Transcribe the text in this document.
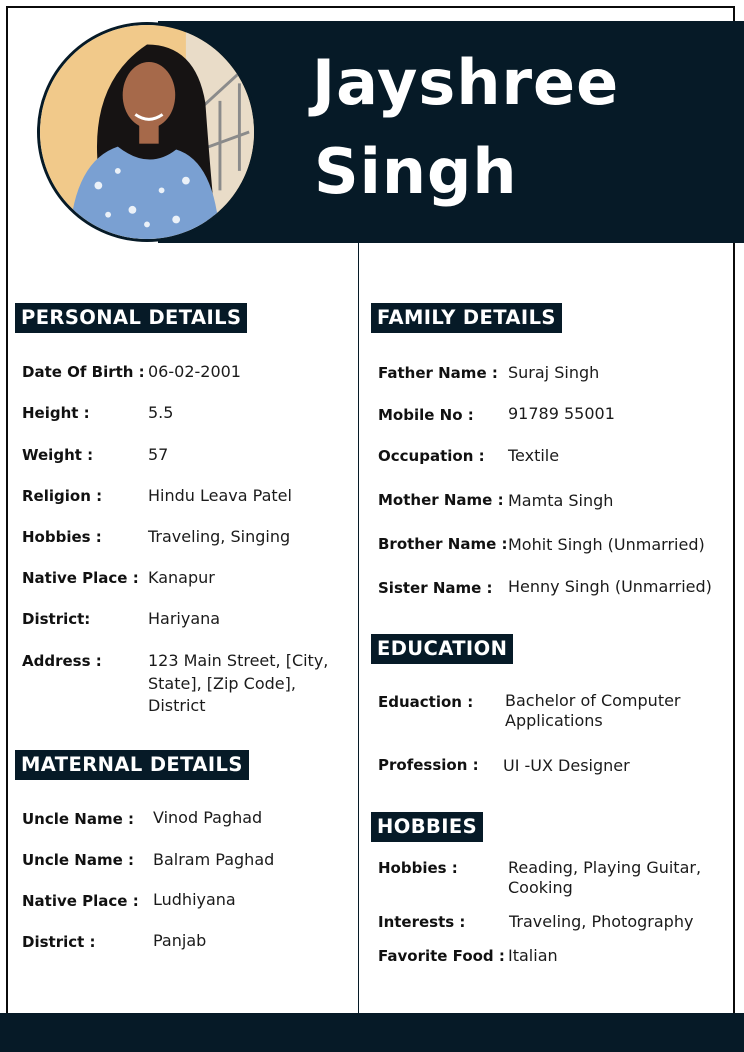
Jayshree
Singh
PERSONAL DETAILS
Date Of Birth : 06-02-2001
Height :	5.5
Weight :	57
Religion :	Hindu Leava Patel
Hobbies :	Traveling, Singing
Native Place : Kanapur
District:	Hariyana
Address :	123 Main Street, [City, State], [Zip Code], District
MATERNAL DETAILS
Uncle Name : Vinod Paghad
Uncle Name : Balram Paghad
Native Place : Ludhiyana
District :	Panjab
FAMILY DETAILS
Father Name : Suraj Singh
Mobile No : 91789 55001
Occupation : Textile
Mother Name : Mamta Singh
Brother Name : Mohit Singh (Unmarried)
Sister Name : Henny Singh (Unmarried)
EDUCATION
Eduaction : Bachelor of Computer Applications
Profession : UI -UX Designer
HOBBIES
Hobbies :	Reading, Playing Guitar, Cooking
Interests :	Traveling, Photography
Favorite Food : Italian
